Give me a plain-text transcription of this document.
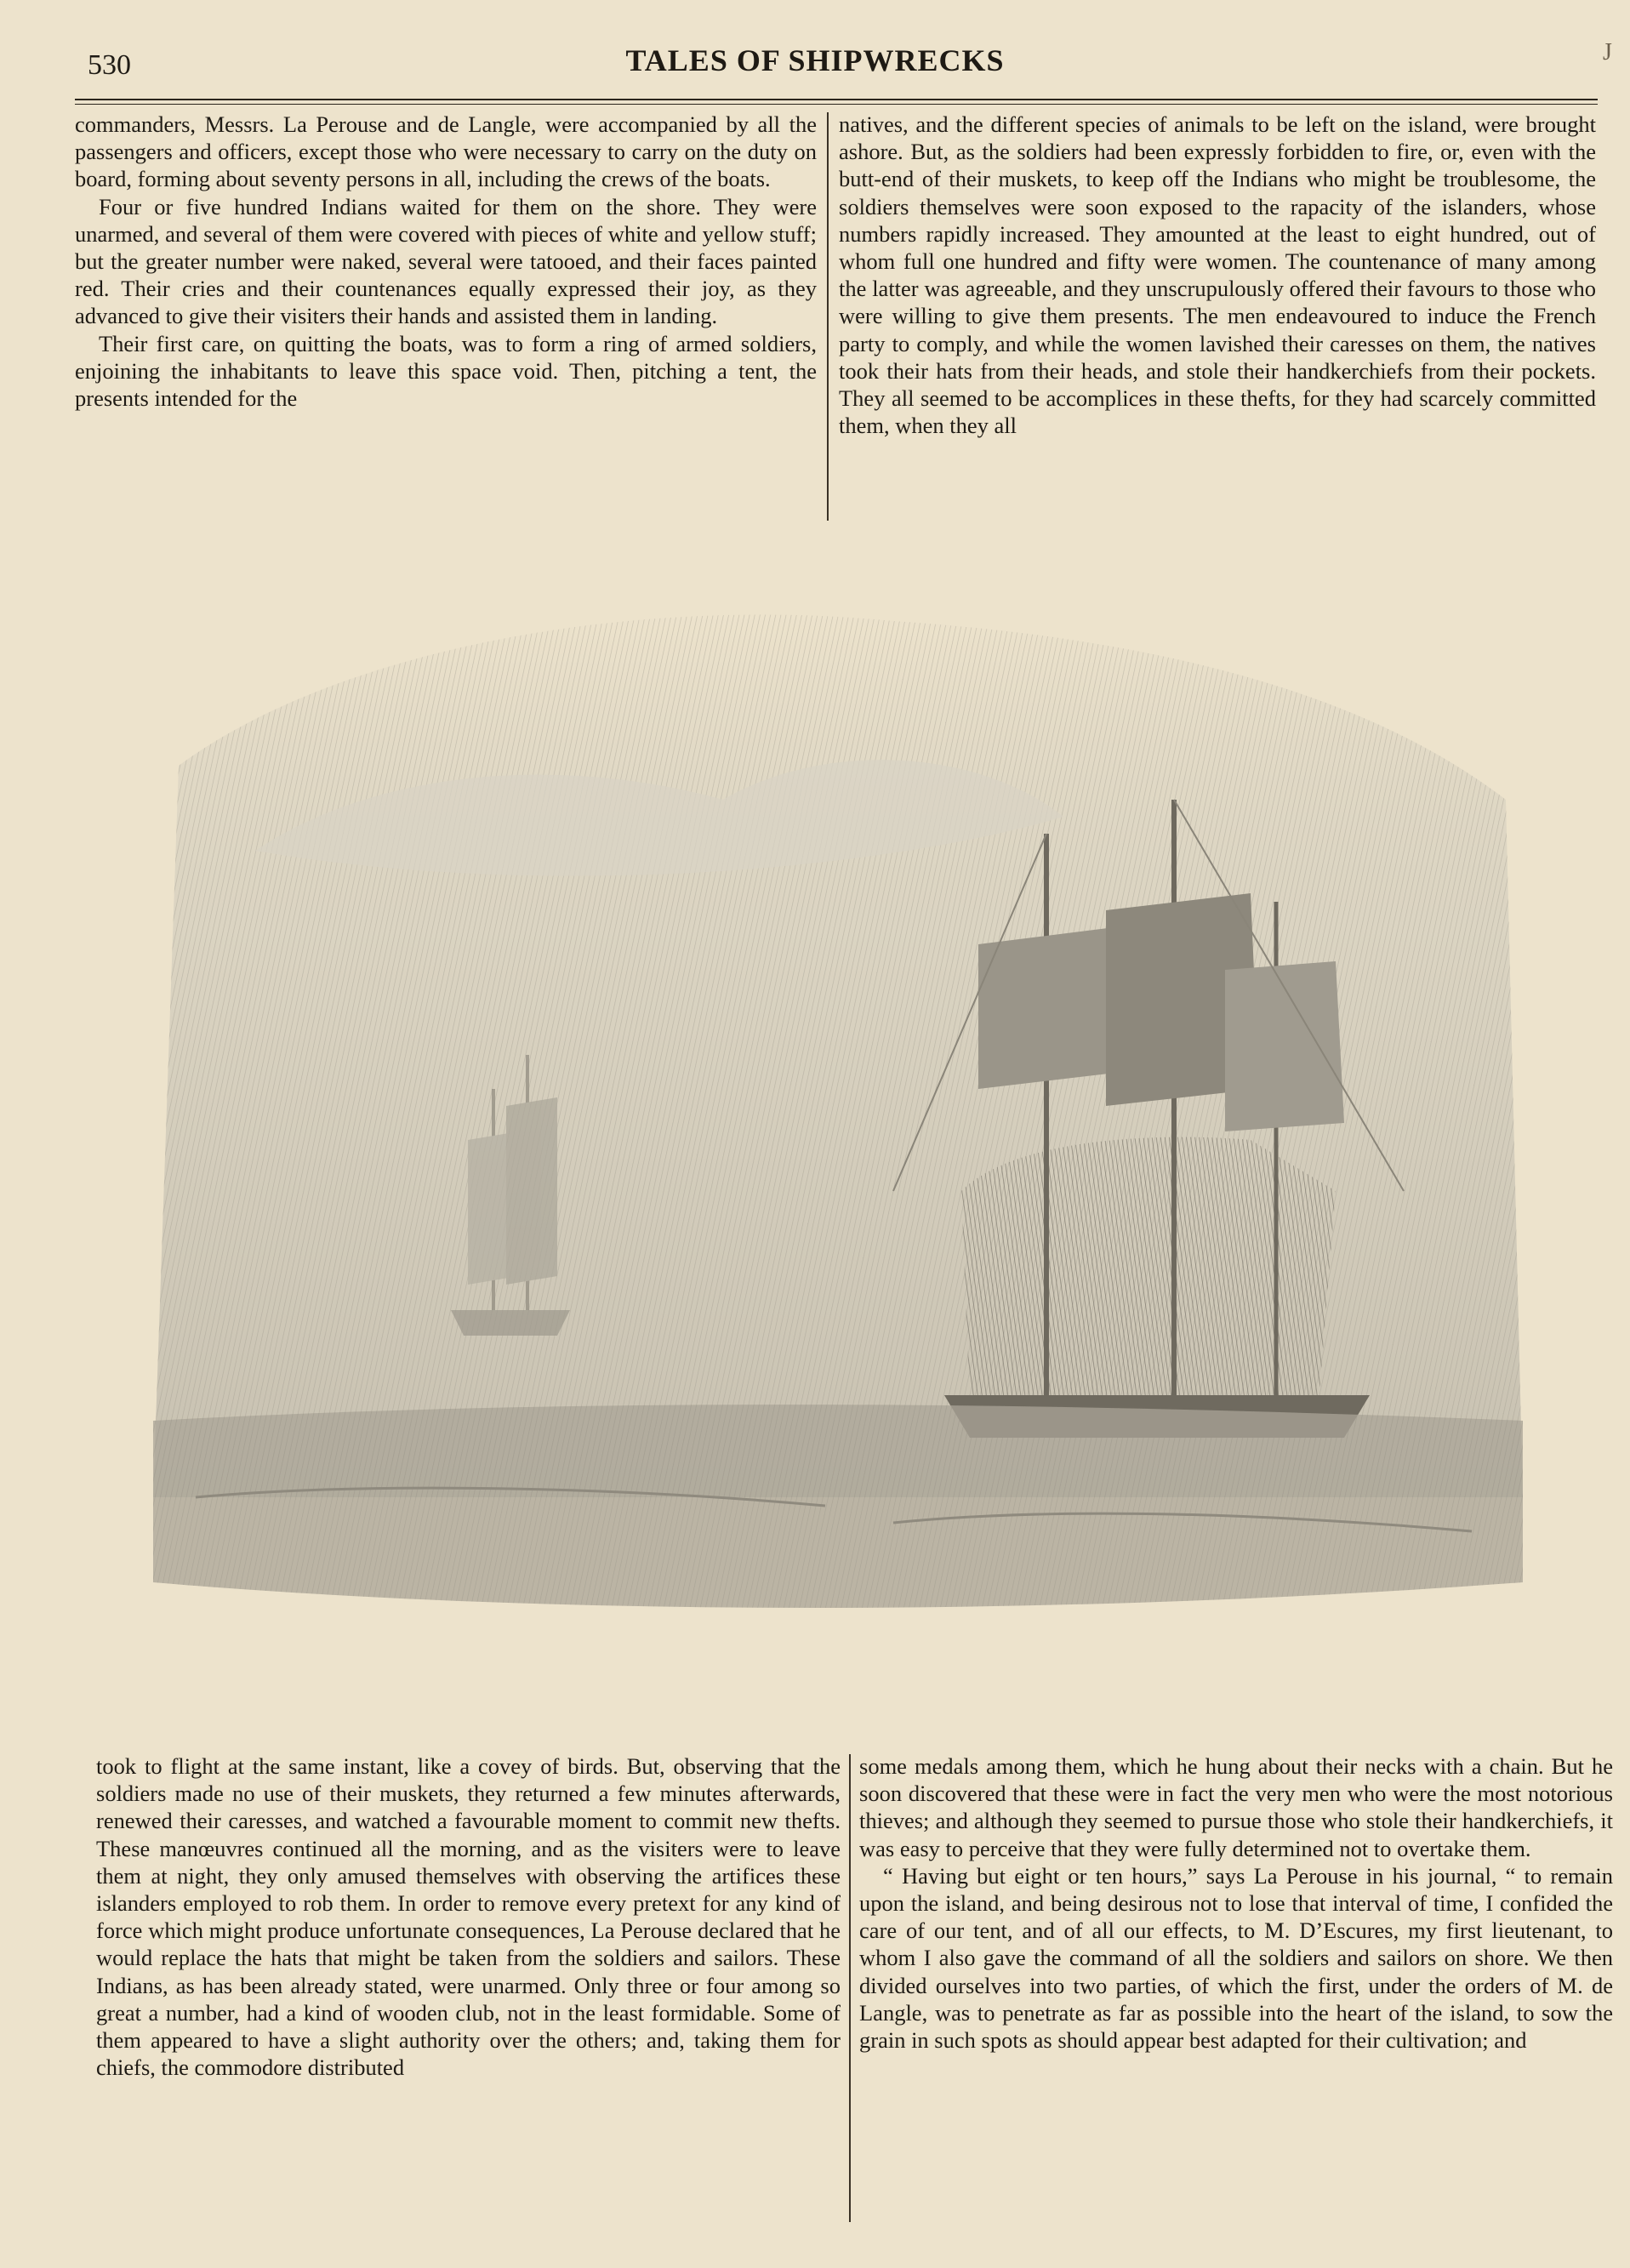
530	TALES OF SHIPWRECKS	J

commanders, Messrs. La Perouse and de Langle, were accompanied by all the passengers and officers, except those who were necessary to carry on the duty on board, forming about seventy persons in all, including the crews of the boats.

Four or five hundred Indians waited for them on the shore. They were unarmed, and several of them were covered with pieces of white and yellow stuff; but the greater number were naked, several were tatooed, and their faces painted red. Their cries and their countenances equally expressed their joy, as they advanced to give their visiters their hands and assisted them in landing.

Their first care, on quitting the boats, was to form a ring of armed soldiers, enjoining the inhabitants to leave this space void. Then, pitching a tent, the presents intended for the

natives, and the different species of animals to be left on the island, were brought ashore. But, as the soldiers had been expressly forbidden to fire, or, even with the butt-end of their muskets, to keep off the Indians who might be troublesome, the soldiers themselves were soon exposed to the rapacity of the islanders, whose numbers rapidly increased. They amounted at the least to eight hundred, out of whom full one hundred and fifty were women. The countenance of many among the latter was agreeable, and they unscrupulously offered their favours to those who were willing to give them presents. The men endeavoured to induce the French party to comply, and while the women lavished their caresses on them, the natives took their hats from their heads, and stole their handkerchiefs from their pockets. They all seemed to be accomplices in these thefts, for they had scarcely committed them, when they all

took to flight at the same instant, like a covey of birds. But, observing that the soldiers made no use of their muskets, they returned a few minutes afterwards, renewed their caresses, and watched a favourable moment to commit new thefts. These manœuvres continued all the morning, and as the visiters were to leave them at night, they only amused themselves with observing the artifices these islanders employed to rob them. In order to remove every pretext for any kind of force which might produce unfortunate consequences, La Perouse declared that he would replace the hats that might be taken from the soldiers and sailors. These Indians, as has been already stated, were unarmed. Only three or four among so great a number, had a kind of wooden club, not in the least formidable. Some of them appeared to have a slight authority over the others; and, taking them for chiefs, the commodore distributed

some medals among them, which he hung about their necks with a chain. But he soon discovered that these were in fact the very men who were the most notorious thieves; and although they seemed to pursue those who stole their handkerchiefs, it was easy to perceive that they were fully determined not to overtake them.

“ Having but eight or ten hours,” says La Perouse in his journal, “ to remain upon the island, and being desirous not to lose that interval of time, I confided the care of our tent, and of all our effects, to M. D’Escures, my first lieutenant, to whom I also gave the command of all the soldiers and sailors on shore. We then divided ourselves into two parties, of which the first, under the orders of M. de Langle, was to penetrate as far as possible into the heart of the island, to sow the grain in such spots as should appear best adapted for their cultivation; and
